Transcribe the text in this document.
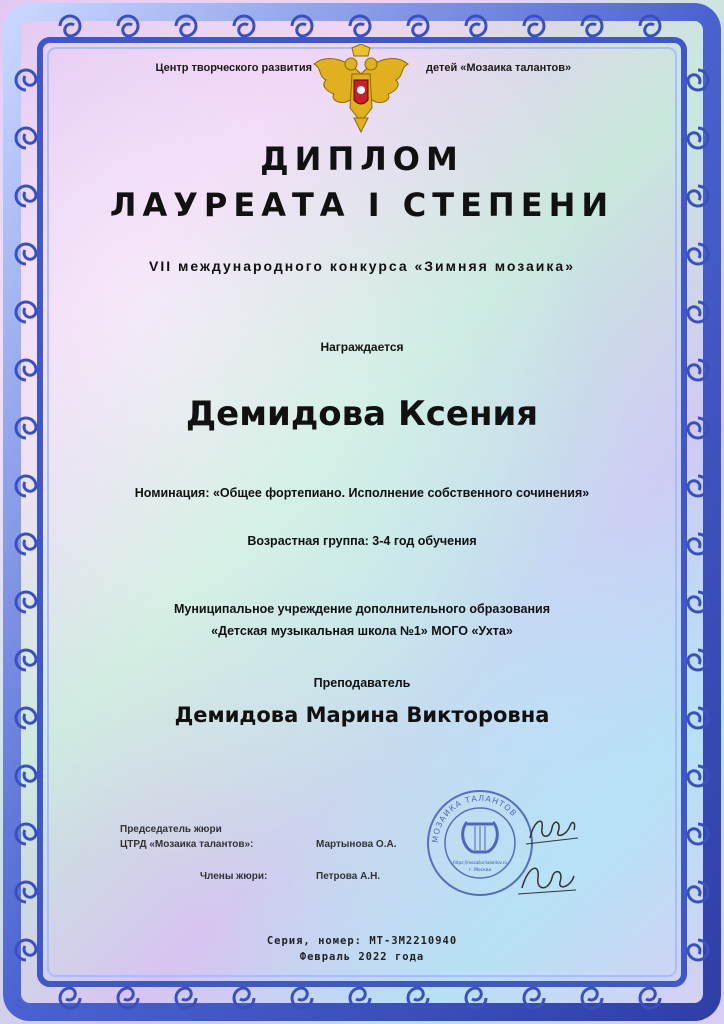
Центр творческого развития	детей «Мозаика талантов»
ДИПЛОМ
ЛАУРЕАТА I СТЕПЕНИ
VII международного конкурса «Зимняя мозаика»
Награждается
Демидова Ксения
Номинация: «Общее фортепиано. Исполнение собственного сочинения»
Возрастная группа: 3-4 год обучения
Муниципальное учреждение дополнительного образования
«Детская музыкальная школа №1» МОГО «Ухта»
Преподаватель
Демидова Марина Викторовна
Председатель жюри
ЦТРД «Мозаика талантов»:	Мартынова О.А.
Члены жюри:	Петрова А.Н.
МОЗАИКА ТАЛАНТОВ
https://mozaika-talantov.ru
г. Москва
Серия, номер: МТ-ЗМ2210940
Февраль 2022 года
